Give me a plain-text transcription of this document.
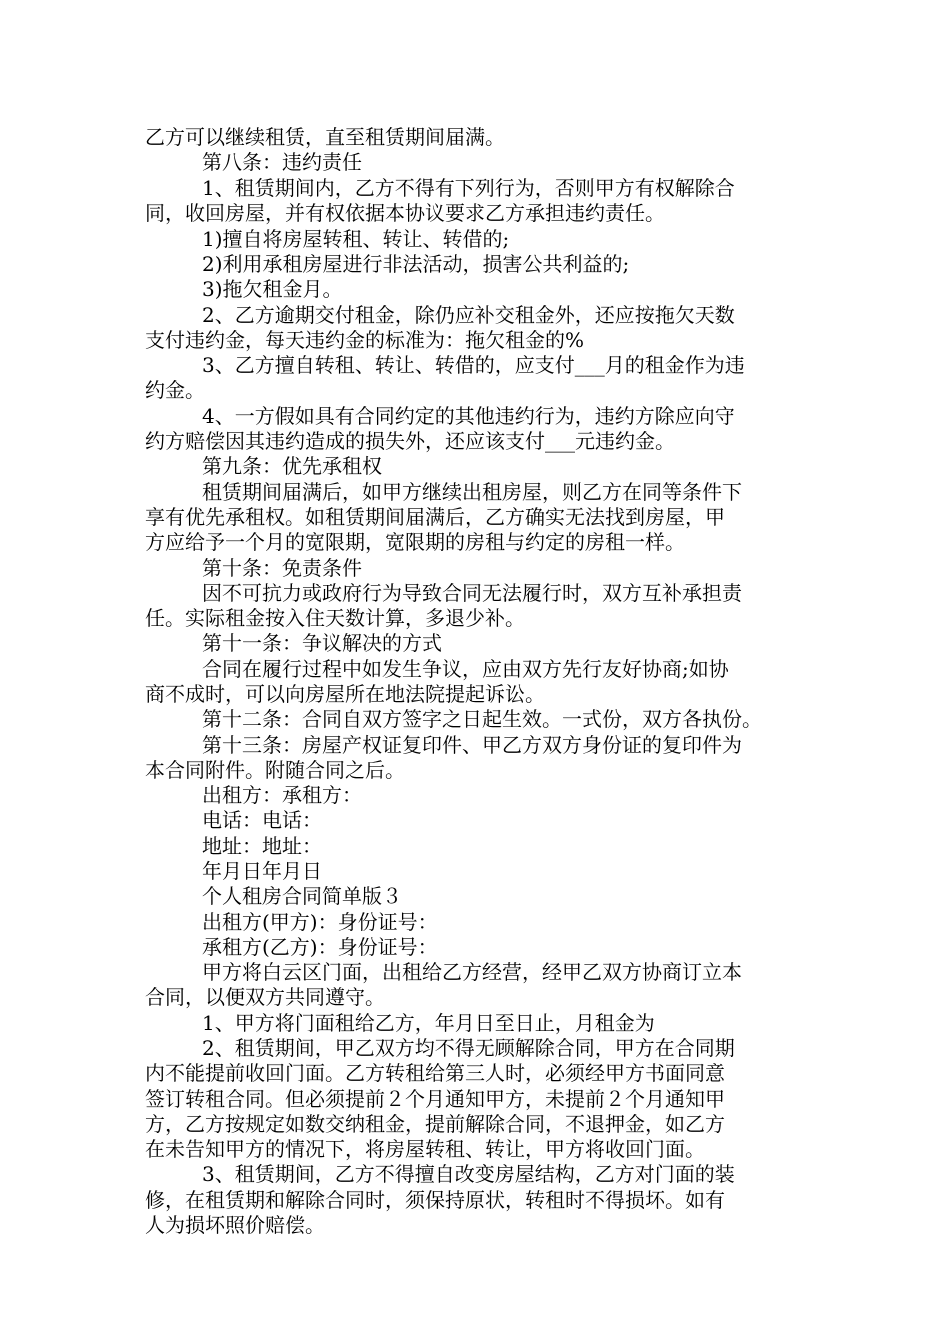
乙方可以继续租赁，直至租赁期间届满。
第八条：违约责任
1、租赁期间内，乙方不得有下列行为，否则甲方有权解除合
同，收回房屋，并有权依据本协议要求乙方承担违约责任。
1)擅自将房屋转租、转让、转借的;
2)利用承租房屋进行非法活动，损害公共利益的;
3)拖欠租金月。
2、乙方逾期交付租金，除仍应补交租金外，还应按拖欠天数
支付违约金，每天违约金的标准为：拖欠租金的%
3、乙方擅自转租、转让、转借的，应支付___月的租金作为违
约金。
4、一方假如具有合同约定的其他违约行为，违约方除应向守
约方赔偿因其违约造成的损失外，还应该支付___元违约金。
第九条：优先承租权
租赁期间届满后，如甲方继续出租房屋，则乙方在同等条件下
享有优先承租权。如租赁期间届满后，乙方确实无法找到房屋，甲
方应给予一个月的宽限期，宽限期的房租与约定的房租一样。
第十条：免责条件
因不可抗力或政府行为导致合同无法履行时，双方互补承担责
任。实际租金按入住天数计算，多退少补。
第十一条：争议解决的方式
合同在履行过程中如发生争议，应由双方先行友好协商;如协
商不成时，可以向房屋所在地法院提起诉讼。
第十二条：合同自双方签字之日起生效。一式份，双方各执份。
第十三条：房屋产权证复印件、甲乙方双方身份证的复印件为
本合同附件。附随合同之后。
出租方：承租方：
电话：电话：
地址：地址：
年月日年月日
个人租房合同简单版３
出租方(甲方)：身份证号：
承租方(乙方)：身份证号：
甲方将白云区门面，出租给乙方经营，经甲乙双方协商订立本
合同，以便双方共同遵守。
1、甲方将门面租给乙方，年月日至日止，月租金为
2、租赁期间，甲乙双方均不得无顾解除合同，甲方在合同期
内不能提前收回门面。乙方转租给第三人时，必须经甲方书面同意
签订转租合同。但必须提前２个月通知甲方，未提前２个月通知甲
方，乙方按规定如数交纳租金，提前解除合同，不退押金，如乙方
在未告知甲方的情况下，将房屋转租、转让，甲方将收回门面。
3、租赁期间，乙方不得擅自改变房屋结构，乙方对门面的装
修，在租赁期和解除合同时，须保持原状，转租时不得损坏。如有
人为损坏照价赔偿。
